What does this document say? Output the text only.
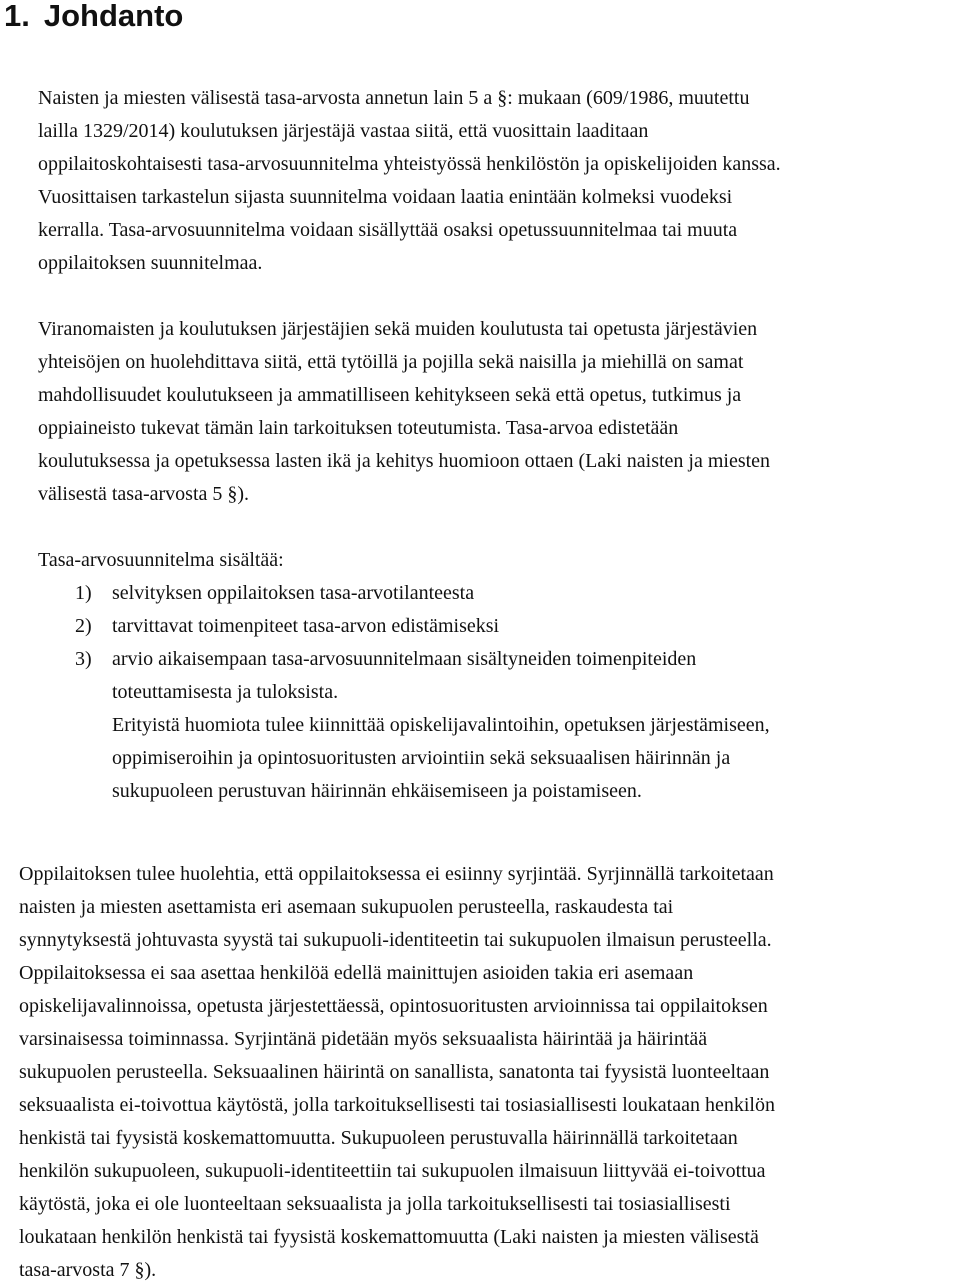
1. Johdanto
Naisten ja miesten välisestä tasa-arvosta annetun lain 5 a §: mukaan (609/1986, muutettu
lailla 1329/2014) koulutuksen järjestäjä vastaa siitä, että vuosittain laaditaan
oppilaitoskohtaisesti tasa-arvosuunnitelma yhteistyössä henkilöstön ja opiskelijoiden kanssa.
Vuosittaisen tarkastelun sijasta suunnitelma voidaan laatia enintään kolmeksi vuodeksi
kerralla. Tasa-arvosuunnitelma voidaan sisällyttää osaksi opetussuunnitelmaa tai muuta
oppilaitoksen suunnitelmaa.
Viranomaisten ja koulutuksen järjestäjien sekä muiden koulutusta tai opetusta järjestävien
yhteisöjen on huolehdittava siitä, että tytöillä ja pojilla sekä naisilla ja miehillä on samat
mahdollisuudet koulutukseen ja ammatilliseen kehitykseen sekä että opetus, tutkimus ja
oppiaineisto tukevat tämän lain tarkoituksen toteutumista. Tasa-arvoa edistetään
koulutuksessa ja opetuksessa lasten ikä ja kehitys huomioon ottaen (Laki naisten ja miesten
välisestä tasa-arvosta 5 §).
Tasa-arvosuunnitelma sisältää:
1)	selvityksen oppilaitoksen tasa-arvotilanteesta
2)	tarvittavat toimenpiteet tasa-arvon edistämiseksi
3)	arvio aikaisempaan tasa-arvosuunnitelmaan sisältyneiden toimenpiteiden
toteuttamisesta ja tuloksista.
Erityistä huomiota tulee kiinnittää opiskelijavalintoihin, opetuksen järjestämiseen,
oppimiseroihin ja opintosuoritusten arviointiin sekä seksuaalisen häirinnän ja
sukupuoleen perustuvan häirinnän ehkäisemiseen ja poistamiseen.
Oppilaitoksen tulee huolehtia, että oppilaitoksessa ei esiinny syrjintää. Syrjinnällä tarkoitetaan
naisten ja miesten asettamista eri asemaan sukupuolen perusteella, raskaudesta tai
synnytyksestä johtuvasta syystä tai sukupuoli-identiteetin tai sukupuolen ilmaisun perusteella.
Oppilaitoksessa ei saa asettaa henkilöä edellä mainittujen asioiden takia eri asemaan
opiskelijavalinnoissa, opetusta järjestettäessä, opintosuoritusten arvioinnissa tai oppilaitoksen
varsinaisessa toiminnassa. Syrjintänä pidetään myös seksuaalista häirintää ja häirintää
sukupuolen perusteella. Seksuaalinen häirintä on sanallista, sanatonta tai fyysistä luonteeltaan
seksuaalista ei-toivottua käytöstä, jolla tarkoituksellisesti tai tosiasiallisesti loukataan henkilön
henkistä tai fyysistä koskemattomuutta. Sukupuoleen perustuvalla häirinnällä tarkoitetaan
henkilön sukupuoleen, sukupuoli-identiteettiin tai sukupuolen ilmaisuun liittyvää ei-toivottua
käytöstä, joka ei ole luonteeltaan seksuaalista ja jolla tarkoituksellisesti tai tosiasiallisesti
loukataan henkilön henkistä tai fyysistä koskemattomuutta (Laki naisten ja miesten välisestä
tasa-arvosta 7 §).
